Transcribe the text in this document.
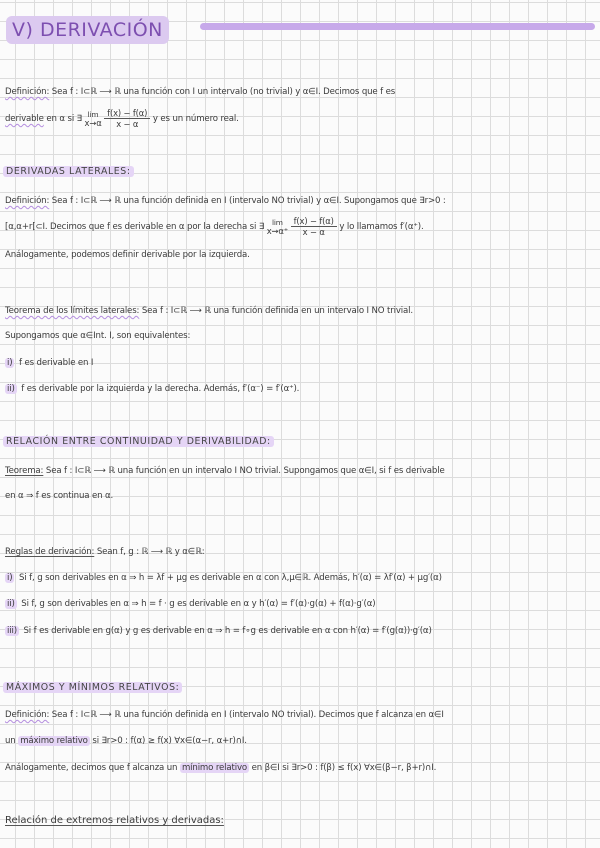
V) DERIVACIÓN
Definición: Sea f : I⊂ℝ ⟶ ℝ una función con I un intervalo (no trivial) y α∈I. Decimos que f es
derivable en α si ∃ lim
$x\to\alpha \frac{f(x) - f(\alpha)}{x - \alpha}$ y es un número real.
DERIVADAS LATERALES:
Definición: Sea f : I⊂ℝ ⟶ ℝ una función definida en I (intervalo NO trivial) y α∈I. Supongamos que ∃r>0 :
[α,α+r[⊂I. Decimos que f es derivable en α por la derecha si ∃	lim
$x\to\alpha^+ \frac{f(x) - f(\alpha)}{x - \alpha}$ y lo llamamos f′(α⁺).
Análogamente, podemos definir derivable por la izquierda.
Teorema de los límites laterales: Sea f : I⊂ℝ ⟶ ℝ una función definida en un intervalo I NO trivial.
Supongamos que α∈Int. I, son equivalentes:
i) f es derivable en I
ii) f es derivable por la izquierda y la derecha. Además, f′(α⁻) = f′(α⁺).
RELACIÓN ENTRE CONTINUIDAD Y DERIVABILIDAD:
Teorema: Sea f : I⊂ℝ ⟶ ℝ una función en un intervalo I NO trivial. Supongamos que α∈I, si f es derivable
en α ⇒ f es continua en α.
Reglas de derivación: Sean f, g : ℝ ⟶ ℝ y α∈ℝ:
i) Si f, g son derivables en α ⇒ h = λf + μg es derivable en α con λ,μ∈ℝ. Además, h′(α) = λf′(α) + μg′(α)
ii) Si f, g son derivables en α ⇒ h = f · g es derivable en α y h′(α) = f′(α)·g(α) + f(α)·g′(α)
iii) Si f es derivable en g(α) y g es derivable en α ⇒ h = f∘g es derivable en α con h′(α) = f′(g(α))·g′(α)
MÁXIMOS Y MÍNIMOS RELATIVOS:
Definición: Sea f : I⊂ℝ ⟶ ℝ una función definida en I (intervalo NO trivial). Decimos que f alcanza en α∈I
un máximo relativo si ∃r>0 : f(α) ≥ f(x) ∀x∈(α−r, α+r)∩I.
Análogamente, decimos que f alcanza un mínimo relativo en β∈I si ∃r>0 : f(β) ≤ f(x) ∀x∈(β−r, β+r)∩I.
Relación de extremos relativos y derivadas:
